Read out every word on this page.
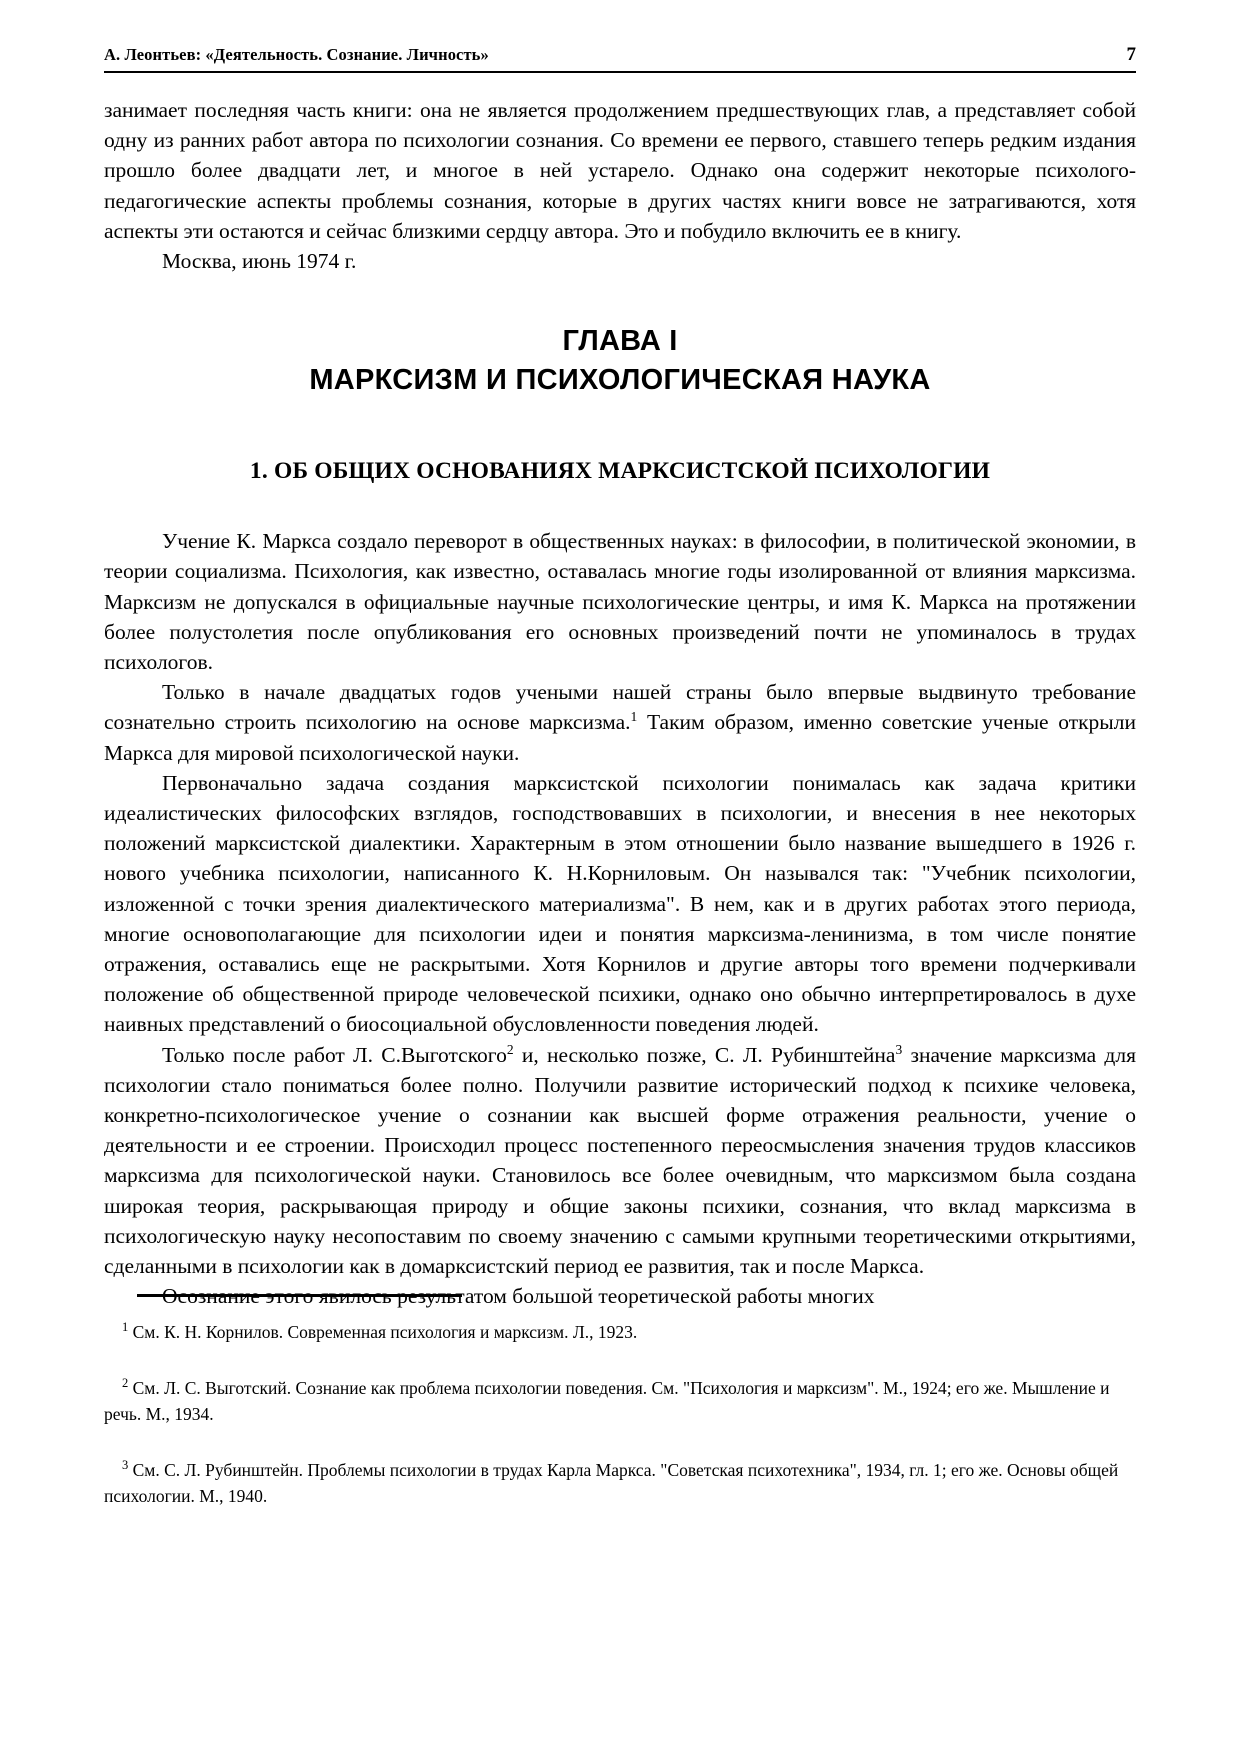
А. Леонтьев: «Деятельность. Сознание. Личность»	7

занимает последняя часть книги: она не является продолжением предшествующих глав, а представляет собой одну из ранних работ автора по психологии сознания. Со времени ее первого, ставшего теперь редким издания прошло более двадцати лет, и многое в ней устарело. Однако она содержит некоторые психолого-педагогические аспекты проблемы сознания, которые в других частях книги вовсе не затрагиваются, хотя аспекты эти остаются и сейчас близкими сердцу автора. Это и побудило включить ее в книгу.

Москва, июнь 1974 г.

ГЛАВА I
МАРКСИЗМ И ПСИХОЛОГИЧЕСКАЯ НАУКА
1. ОБ ОБЩИХ ОСНОВАНИЯХ МАРКСИСТСКОЙ ПСИХОЛОГИИ

Учение К. Маркса создало переворот в общественных науках: в философии, в политической экономии, в теории социализма. Психология, как известно, оставалась многие годы изолированной от влияния марксизма. Марксизм не допускался в официальные научные психологические центры, и имя К. Маркса на протяжении более полустолетия после опубликования его основных произведений почти не упоминалось в трудах психологов.

Только в начале двадцатых годов учеными нашей страны было впервые выдвинуто требование сознательно строить психологию на основе марксизма.$^1$ Таким образом, именно советские ученые открыли Маркса для мировой психологической науки.

Первоначально задача создания марксистской психологии понималась как задача критики идеалистических философских взглядов, господствовавших в психологии, и внесения в нее некоторых положений марксистской диалектики. Характерным в этом отношении было название вышедшего в 1926 г. нового учебника психологии, написанного К. Н.Корниловым. Он назывался так: "Учебник психологии, изложенной с точки зрения диалектического материализма". В нем, как и в других работах этого периода, многие основополагающие для психологии идеи и понятия марксизма-ленинизма, в том числе понятие отражения, оставались еще не раскрытыми. Хотя Корнилов и другие авторы того времени подчеркивали положение об общественной природе человеческой психики, однако оно обычно интерпретировалось в духе наивных представлений о биосоциальной обусловленности поведения людей.

Только после работ Л. С.Выготского$^2$ и, несколько позже, С. Л. Рубинштейна$^3$ значение марксизма для психологии стало пониматься более полно. Получили развитие исторический подход к психике человека, конкретно-психологическое учение о сознании как высшей форме отражения реальности, учение о деятельности и ее строении. Происходил процесс постепенного переосмысления значения трудов классиков марксизма для психологической науки. Становилось все более очевидным, что марксизмом была создана широкая теория, раскрывающая природу и общие законы психики, сознания, что вклад марксизма в психологическую науку несопоставим по своему значению с самыми крупными теоретическими открытиями, сделанными в психологии как в домарксистский период ее развития, так и после Маркса.

Осознание этого явилось результатом большой теоретической работы многих

$^1$ См. К. Н. Корнилов. Современная психология и марксизм. Л., 1923.

$^2$ См. Л. С. Выготский. Сознание как проблема психологии поведения. См. "Психология и марксизм". М., 1924; его же. Мышление и речь. М., 1934.

$^3$ См. С. Л. Рубинштейн. Проблемы психологии в трудах Карла Маркса. "Советская психотехника", 1934, гл. 1; его же. Основы общей психологии. М., 1940.
